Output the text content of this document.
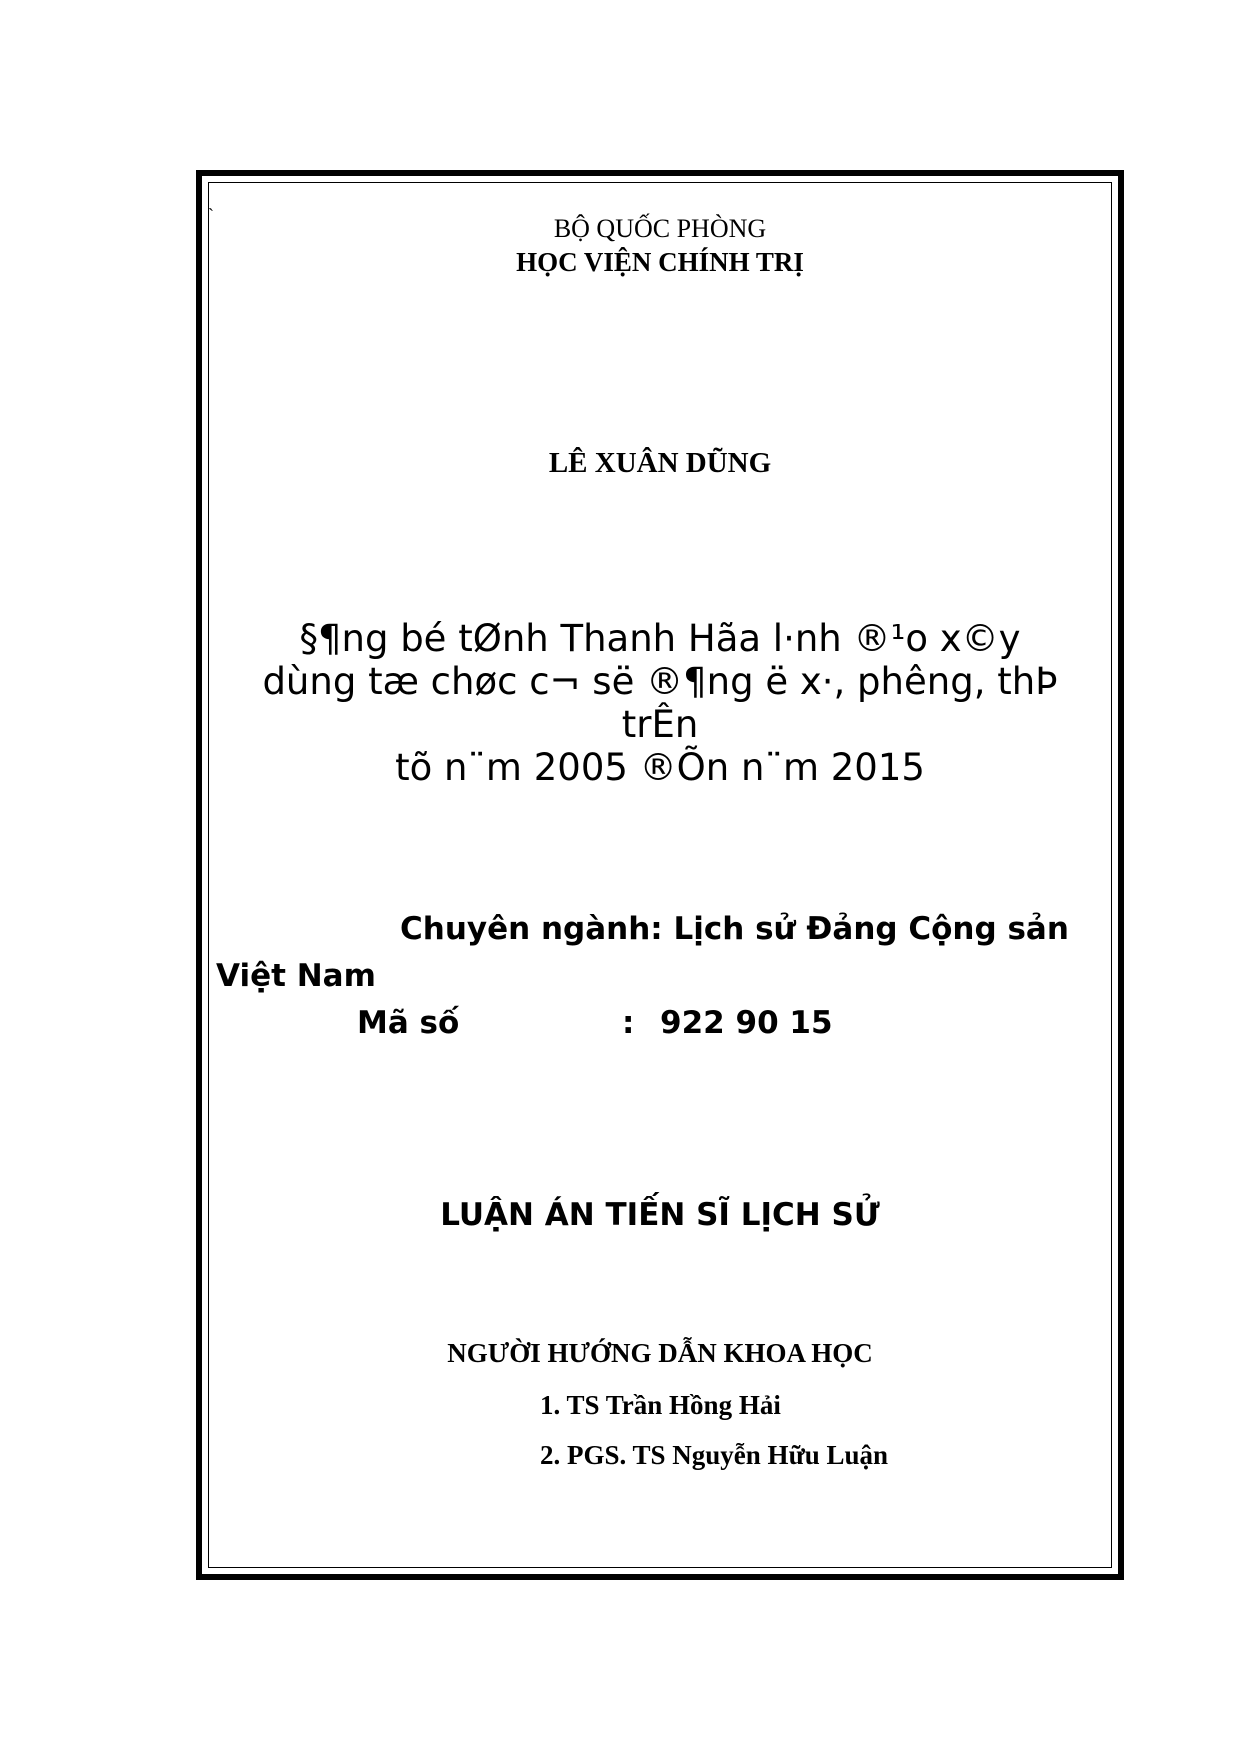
`	BỘ QUỐC PHÒNG
HỌC VIỆN CHÍNH TRỊ
LÊ XUÂN DŨNG
§¶ng bé tØnh Thanh Hãa l·nh ®¹o x©y
dùng tæ chøc c¬ së ®¶ng ë x·, phêng, thÞ
trÊn
tõ n¨m 2005 ®Õn n¨m 2015
Chuyên ngành: Lịch sử Đảng Cộng sản
Việt Nam
Mã số	: 922 90 15
LUẬN ÁN TIẾN SĨ LỊCH SỬ
NGƯỜI HƯỚNG DẪN KHOA HỌC
1. TS Trần Hồng Hải
2. PGS. TS Nguyễn Hữu Luận
